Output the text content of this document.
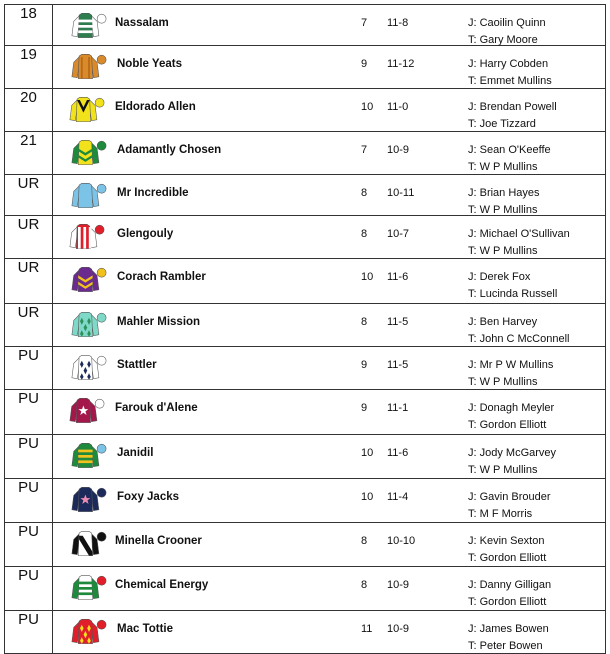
18	Nassalam 7 11-8 J: Caoilin Quinn
T: Gary Moore

19	Noble Yeats 9 11-12 J: Harry Cobden
T: Emmet Mullins

20	Eldorado Allen 10 11-0 J: Brendan Powell
T: Joe Tizzard

21	Adamantly Chosen 7 10-9 J: Sean O'Keeffe
T: W P Mullins

UR	Mr Incredible 8 10-11 J: Brian Hayes
T: W P Mullins

UR	Glengouly 8 10-7 J: Michael O'Sullivan
T: W P Mullins

UR	Corach Rambler 10 11-6 J: Derek Fox
T: Lucinda Russell

UR	Mahler Mission 8 11-5 J: Ben Harvey
T: John C McConnell

PU	Stattler 9 11-5 J: Mr P W Mullins
T: W P Mullins

PU	Farouk d'Alene 9 11-1 J: Donagh Meyler
T: Gordon Elliott

PU	Janidil 10 11-6 J: Jody McGarvey
T: W P Mullins

PU	Foxy Jacks 10 11-4 J: Gavin Brouder
T: M F Morris

PU	Minella Crooner 8 10-10 J: Kevin Sexton
T: Gordon Elliott

PU	Chemical Energy 8 10-9 J: Danny Gilligan
T: Gordon Elliott

PU	Mac Tottie 11 10-9 J: James Bowen
T: Peter Bowen
